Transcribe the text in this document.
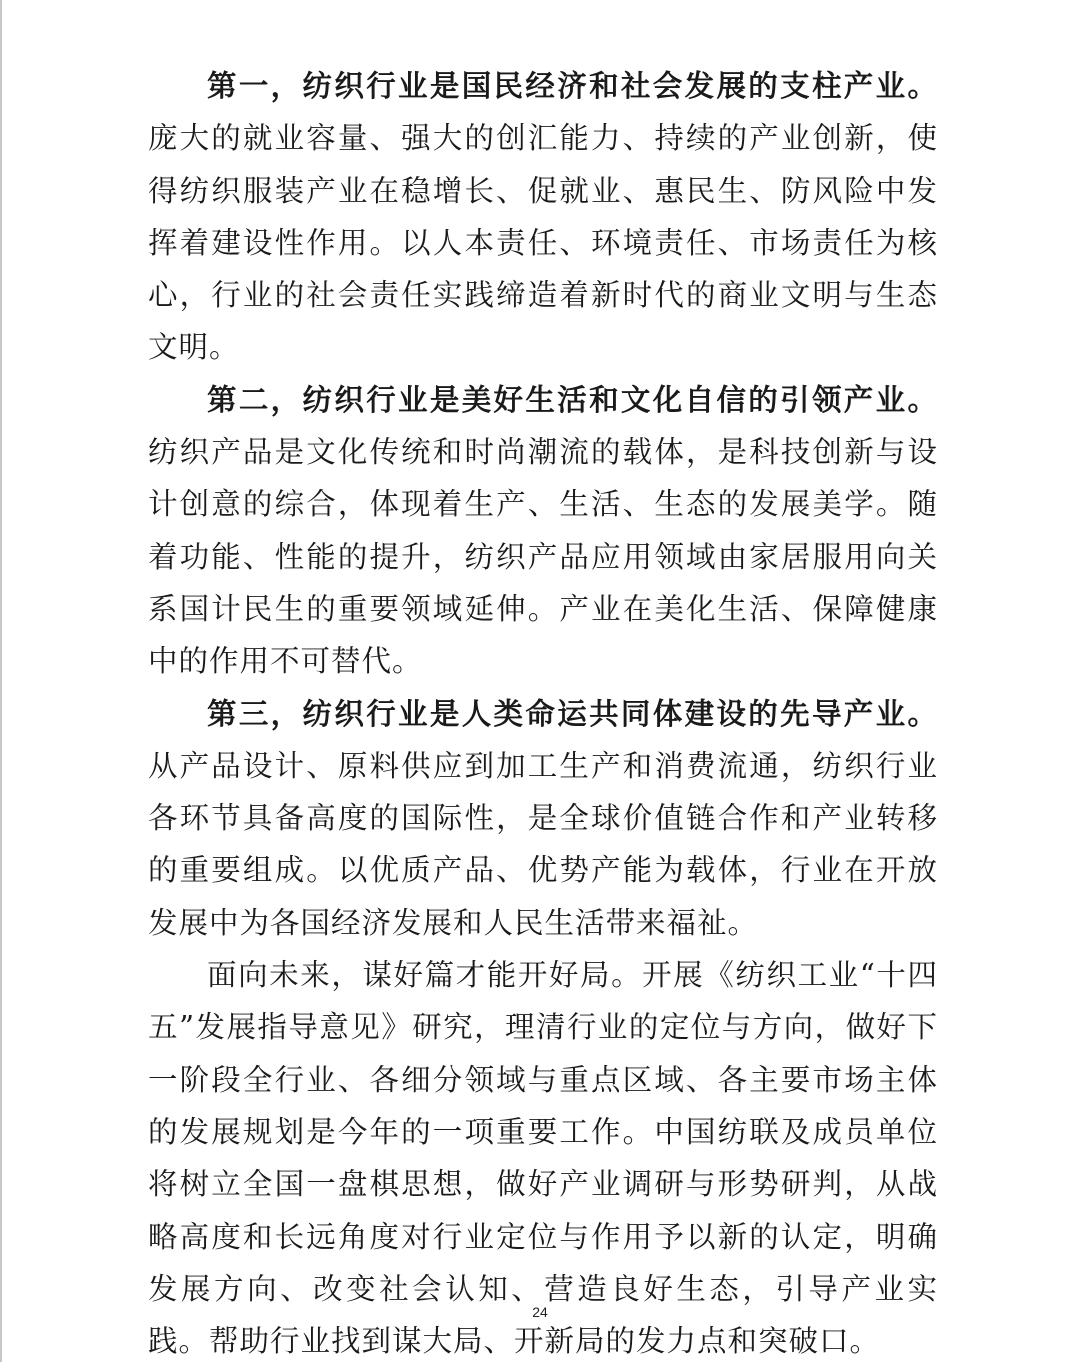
第一，纺织行业是国民经济和社会发展的支柱产业。庞大的就业容量、强大的创汇能力、持续的产业创新，使得纺织服装产业在稳增长、促就业、惠民生、防风险中发挥着建设性作用。以人本责任、环境责任、市场责任为核心，行业的社会责任实践缔造着新时代的商业文明与生态文明。

第二，纺织行业是美好生活和文化自信的引领产业。纺织产品是文化传统和时尚潮流的载体，是科技创新与设计创意的综合，体现着生产、生活、生态的发展美学。随着功能、性能的提升，纺织产品应用领域由家居服用向关系国计民生的重要领域延伸。产业在美化生活、保障健康中的作用不可替代。

第三，纺织行业是人类命运共同体建设的先导产业。从产品设计、原料供应到加工生产和消费流通，纺织行业各环节具备高度的国际性，是全球价值链合作和产业转移的重要组成。以优质产品、优势产能为载体，行业在开放发展中为各国经济发展和人民生活带来福祉。

面向未来，谋好篇才能开好局。开展《纺织工业“十四五”发展指导意见》研究，理清行业的定位与方向，做好下一阶段全行业、各细分领域与重点区域、各主要市场主体的发展规划是今年的一项重要工作。中国纺联及成员单位将树立全国一盘棋思想，做好产业调研与形势研判，从战略高度和长远角度对行业定位与作用予以新的认定，明确发展方向、改变社会认知、营造良好生态，引导产业实践。帮助行业找到谋大局、开新局的发力点和突破口。

24
